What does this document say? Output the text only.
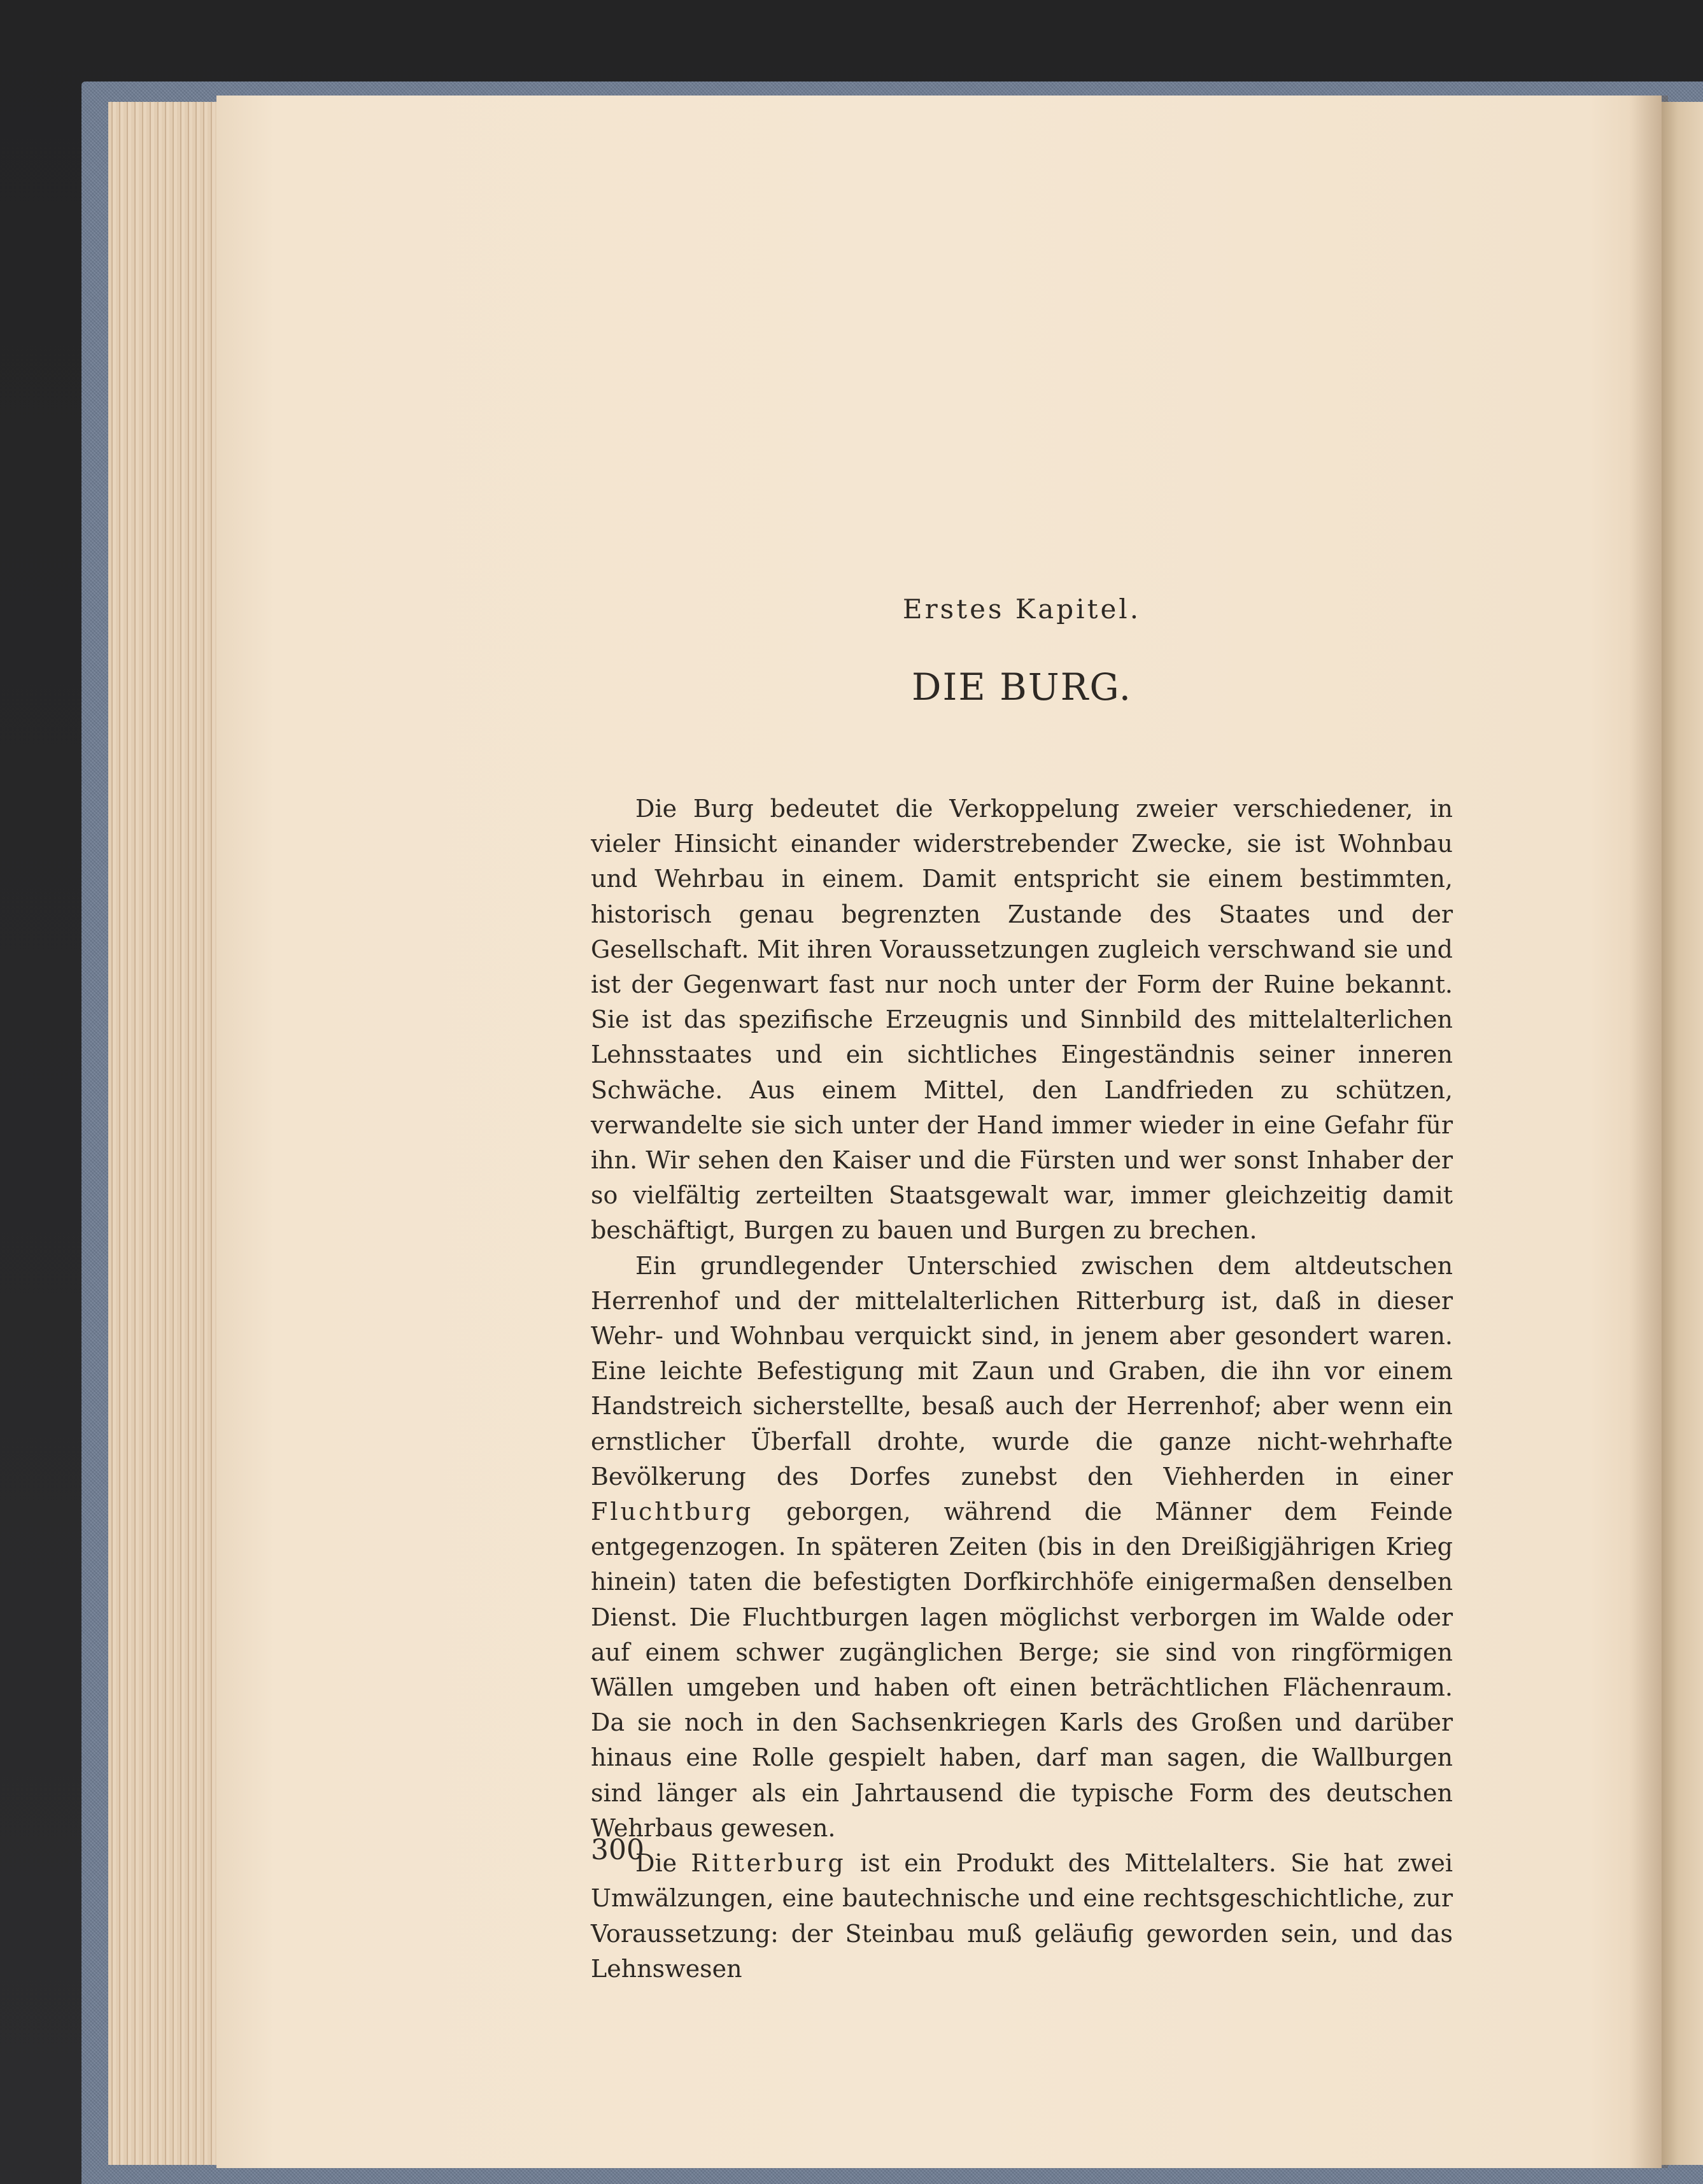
Erstes Kapitel.
DIE BURG.

Die Burg bedeutet die Verkoppelung zweier verschiedener, in vieler Hinsicht einander widerstrebender Zwecke, sie ist Wohnbau und Wehrbau in einem. Damit entspricht sie einem bestimmten, historisch genau begrenzten Zustande des Staates und der Gesellschaft. Mit ihren Voraussetzungen zugleich verschwand sie und ist der Gegenwart fast nur noch unter der Form der Ruine bekannt. Sie ist das spezifische Erzeugnis und Sinnbild des mittelalterlichen Lehnsstaates und ein sichtliches Eingeständnis seiner inneren Schwäche. Aus einem Mittel, den Landfrieden zu schützen, verwandelte sie sich unter der Hand immer wieder in eine Gefahr für ihn. Wir sehen den Kaiser und die Fürsten und wer sonst Inhaber der so vielfältig zerteilten Staatsgewalt war, immer gleichzeitig damit beschäftigt, Burgen zu bauen und Burgen zu brechen.

Ein grundlegender Unterschied zwischen dem altdeutschen Herrenhof und der mittelalterlichen Ritterburg ist, daß in dieser Wehr- und Wohnbau verquickt sind, in jenem aber gesondert waren. Eine leichte Befestigung mit Zaun und Graben, die ihn vor einem Handstreich sicherstellte, besaß auch der Herrenhof; aber wenn ein ernstlicher Überfall drohte, wurde die ganze nicht-wehrhafte Bevölkerung des Dorfes zunebst den Viehherden in einer Fluchtburg geborgen, während die Männer dem Feinde entgegenzogen. In späteren Zeiten (bis in den Dreißigjährigen Krieg hinein) taten die befestigten Dorfkirchhöfe einigermaßen denselben Dienst. Die Fluchtburgen lagen möglichst verborgen im Walde oder auf einem schwer zugänglichen Berge; sie sind von ringförmigen Wällen umgeben und haben oft einen beträchtlichen Flächenraum. Da sie noch in den Sachsenkriegen Karls des Großen und darüber hinaus eine Rolle gespielt haben, darf man sagen, die Wallburgen sind länger als ein Jahrtausend die typische Form des deutschen Wehrbaus gewesen.

Die Ritterburg ist ein Produkt des Mittelalters. Sie hat zwei Umwälzungen, eine bautechnische und eine rechtsgeschichtliche, zur Voraussetzung: der Steinbau muß geläufig geworden sein, und das Lehnswesen

300
